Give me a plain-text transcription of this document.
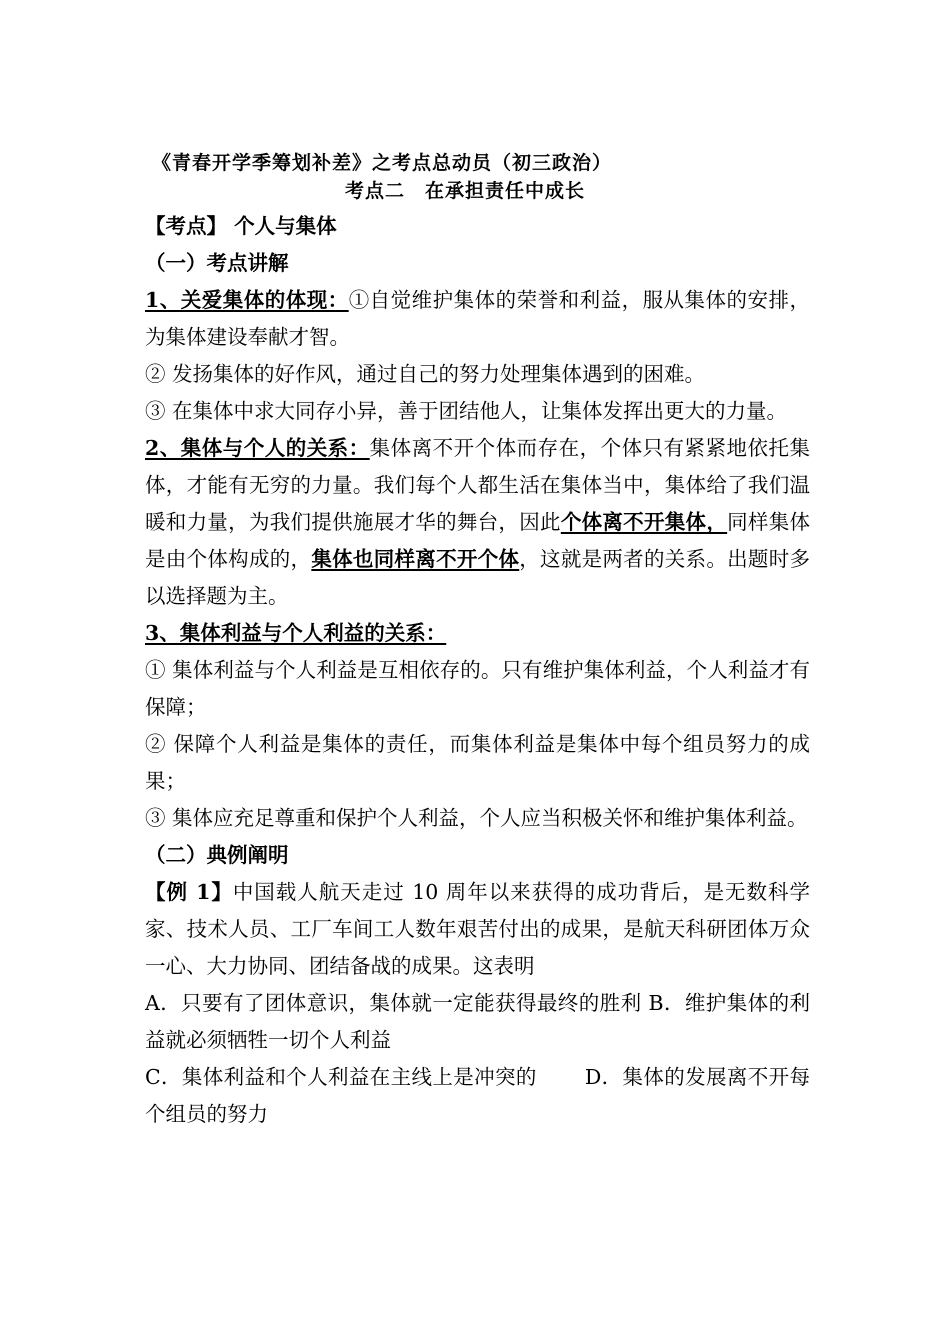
《青春开学季筹划补差》之考点总动员（初三政治）
考点二　在承担责任中成长

【考点】 个人与集体

（一）考点讲解

1、关爱集体的体现：①自觉维护集体的荣誉和利益，服从集体的安排，为集体建设奉献才智。

② 发扬集体的好作风，通过自己的努力处理集体遇到的困难。

③ 在集体中求大同存小异，善于团结他人，让集体发挥出更大的力量。

2、集体与个人的关系：集体离不开个体而存在，个体只有紧紧地依托集体，才能有无穷的力量。我们每个人都生活在集体当中，集体给了我们温暖和力量，为我们提供施展才华的舞台，因此个体离不开集体，同样集体是由个体构成的，集体也同样离不开个体，这就是两者的关系。出题时多以选择题为主。

3、集体利益与个人利益的关系：

① 集体利益与个人利益是互相依存的。只有维护集体利益，个人利益才有保障；

② 保障个人利益是集体的责任，而集体利益是集体中每个组员努力的成果；

③ 集体应充足尊重和保护个人利益，个人应当积极关怀和维护集体利益。

（二）典例阐明

【例 1】中国载人航天走过 10 周年以来获得的成功背后，是无数科学家、技术人员、工厂车间工人数年艰苦付出的成果，是航天科研团体万众一心、大力协同、团结备战的成果。这表明

A．只要有了团体意识，集体就一定能获得最终的胜利 B．维护集体的利益就必须牺牲一切个人利益

C．集体利益和个人利益在主线上是冲突的 D．集体的发展离不开每个组员的努力
